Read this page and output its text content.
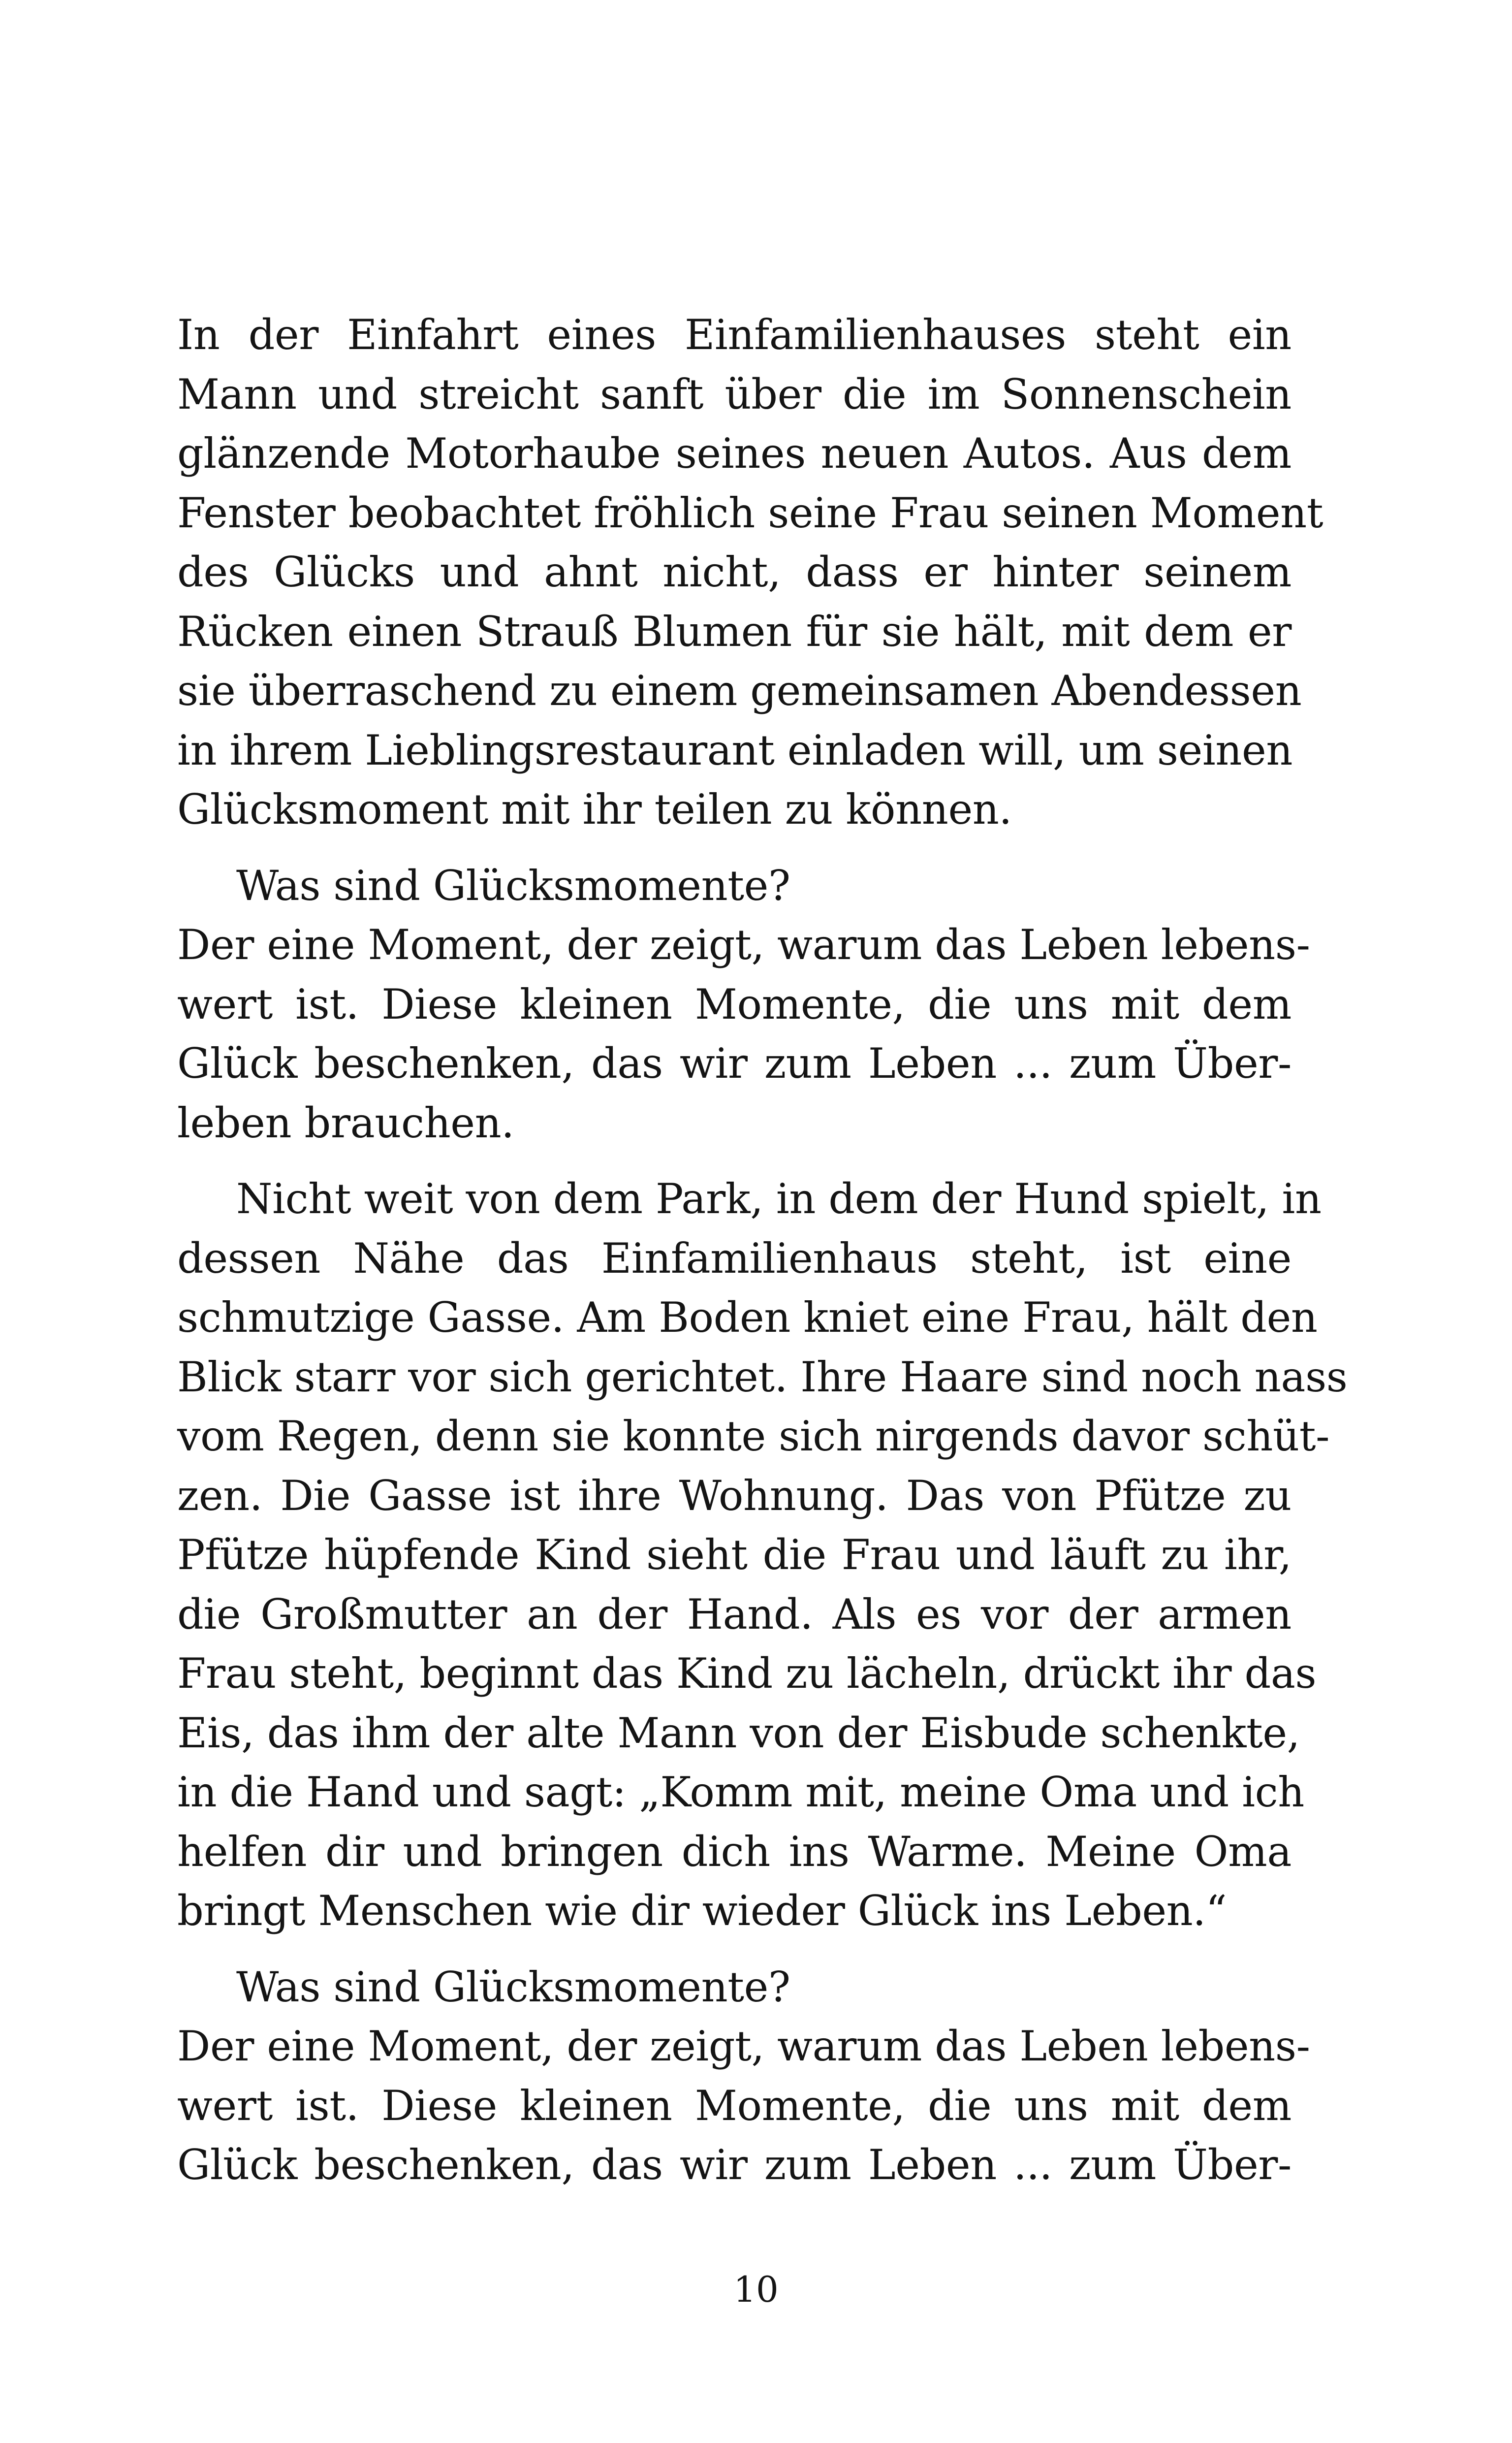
In der Einfahrt eines Einfamilienhauses steht ein
Mann und streicht sanft über die im Sonnenschein
glänzende Motorhaube seines neuen Autos. Aus dem
Fenster beobachtet fröhlich seine Frau seinen Moment
des Glücks und ahnt nicht, dass er hinter seinem
Rücken einen Strauß Blumen für sie hält, mit dem er
sie überraschend zu einem gemeinsamen Abendessen
in ihrem Lieblingsrestaurant einladen will, um seinen
Glücksmoment mit ihr teilen zu können.
Was sind Glücksmomente?
Der eine Moment, der zeigt, warum das Leben lebens-
wert ist. Diese kleinen Momente, die uns mit dem
Glück beschenken, das wir zum Leben ... zum Über-
leben brauchen.
Nicht weit von dem Park, in dem der Hund spielt, in
dessen Nähe das Einfamilienhaus steht, ist eine
schmutzige Gasse. Am Boden kniet eine Frau, hält den
Blick starr vor sich gerichtet. Ihre Haare sind noch nass
vom Regen, denn sie konnte sich nirgends davor schüt-
zen. Die Gasse ist ihre Wohnung. Das von Pfütze zu
Pfütze hüpfende Kind sieht die Frau und läuft zu ihr,
die Großmutter an der Hand. Als es vor der armen
Frau steht, beginnt das Kind zu lächeln, drückt ihr das
Eis, das ihm der alte Mann von der Eisbude schenkte,
in die Hand und sagt: „Komm mit, meine Oma und ich
helfen dir und bringen dich ins Warme. Meine Oma
bringt Menschen wie dir wieder Glück ins Leben.“
Was sind Glücksmomente?
Der eine Moment, der zeigt, warum das Leben lebens-
wert ist. Diese kleinen Momente, die uns mit dem
Glück beschenken, das wir zum Leben ... zum Über-
10
